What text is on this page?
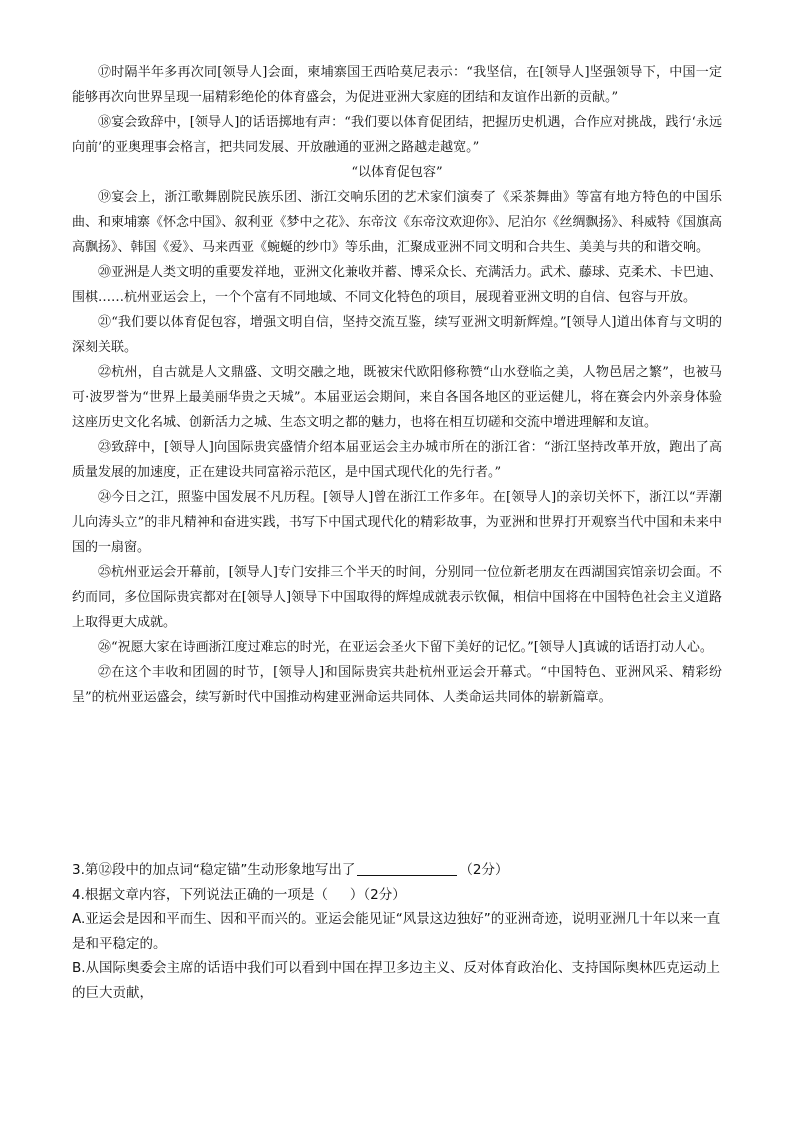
⑰时隔半年多再次同[领导人]会面，柬埔寨国王西哈莫尼表示：“我坚信，在[领导人]坚强领导下，中国一定能够再次向世界呈现一届精彩绝伦的体育盛会，为促进亚洲大家庭的团结和友谊作出新的贡献。”

⑱宴会致辞中，[领导人]的话语掷地有声：“我们要以体育促团结，把握历史机遇，合作应对挑战，践行‘永远向前’的亚奥理事会格言，把共同发展、开放融通的亚洲之路越走越宽。”

“以体育促包容”

⑲宴会上，浙江歌舞剧院民族乐团、浙江交响乐团的艺术家们演奏了《采茶舞曲》等富有地方特色的中国乐曲、和柬埔寨《怀念中国》、叙利亚《梦中之花》、东帝汶《东帝汶欢迎你》、尼泊尔《丝绸飘扬》、科威特《国旗高高飘扬》、韩国《爱》、马来西亚《蜿蜒的纱巾》等乐曲，汇聚成亚洲不同文明和合共生、美美与共的和谐交响。

⑳亚洲是人类文明的重要发祥地，亚洲文化兼收并蓄、博采众长、充满活力。武术、藤球、克柔术、卡巴迪、围棋……杭州亚运会上，一个个富有不同地域、不同文化特色的项目，展现着亚洲文明的自信、包容与开放。

㉑“我们要以体育促包容，增强文明自信，坚持交流互鉴，续写亚洲文明新辉煌。”[领导人]道出体育与文明的深刻关联。

㉒杭州，自古就是人文鼎盛、文明交融之地，既被宋代欧阳修称赞“山水登临之美，人物邑居之繁”，也被马可·波罗誉为“世界上最美丽华贵之天城”。本届亚运会期间，来自各国各地区的亚运健儿，将在赛会内外亲身体验这座历史文化名城、创新活力之城、生态文明之都的魅力，也将在相互切磋和交流中增进理解和友谊。

㉓致辞中，[领导人]向国际贵宾盛情介绍本届亚运会主办城市所在的浙江省：“浙江坚持改革开放，跑出了高质量发展的加速度，正在建设共同富裕示范区，是中国式现代化的先行者。”

㉔今日之江，照鉴中国发展不凡历程。[领导人]曾在浙江工作多年。在[领导人]的亲切关怀下，浙江以“弄潮儿向涛头立”的非凡精神和奋进实践，书写下中国式现代化的精彩故事，为亚洲和世界打开观察当代中国和未来中国的一扇窗。

㉕杭州亚运会开幕前，[领导人]专门安排三个半天的时间，分别同一位位新老朋友在西湖国宾馆亲切会面。不约而同，多位国际贵宾都对在[领导人]领导下中国取得的辉煌成就表示钦佩，相信中国将在中国特色社会主义道路上取得更大成就。

㉖“祝愿大家在诗画浙江度过难忘的时光，在亚运会圣火下留下美好的记忆。”[领导人]真诚的话语打动人心。

㉗在这个丰收和团圆的时节，[领导人]和国际贵宾共赴杭州亚运会开幕式。“中国特色、亚洲风采、精彩纷呈”的杭州亚运盛会，续写新时代中国推动构建亚洲命运共同体、人类命运共同体的崭新篇章。

3.第⑫段中的加点词“稳定锚”生动形象地写出了	（2分）

4.根据文章内容，下列说法正确的一项是（ ）（2分）

A.亚运会是因和平而生、因和平而兴的。亚运会能见证“风景这边独好”的亚洲奇迹，说明亚洲几十年以来一直是和平稳定的。

B.从国际奥委会主席的话语中我们可以看到中国在捍卫多边主义、反对体育政治化、支持国际奥林匹克运动上的巨大贡献，
